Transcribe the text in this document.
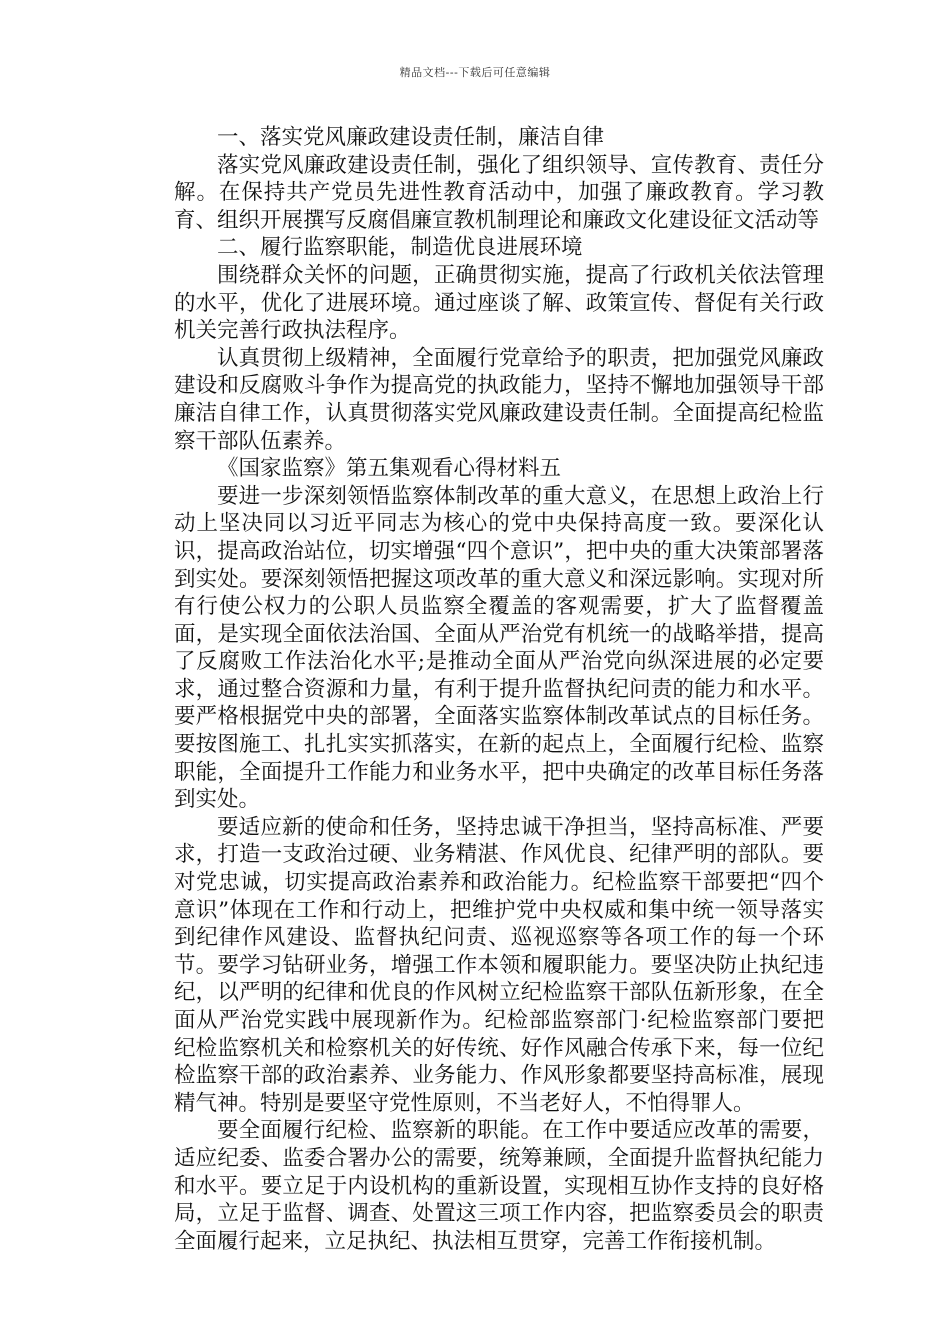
精品文档---下载后可任意编辑

一、落实党风廉政建设责任制，廉洁自律

落实党风廉政建设责任制，强化了组织领导、宣传教育、责任分解。在保持共产党员先进性教育活动中，加强了廉政教育。学习教育、组织开展撰写反腐倡廉宣教机制理论和廉政文化建设征文活动等

二、履行监察职能，制造优良进展环境

围绕群众关怀的问题，正确贯彻实施，提高了行政机关依法管理的水平，优化了进展环境。通过座谈了解、政策宣传、督促有关行政机关完善行政执法程序。

认真贯彻上级精神，全面履行党章给予的职责，把加强党风廉政建设和反腐败斗争作为提高党的执政能力，坚持不懈地加强领导干部廉洁自律工作，认真贯彻落实党风廉政建设责任制。全面提高纪检监察干部队伍素养。

《国家监察》第五集观看心得材料五

要进一步深刻领悟监察体制改革的重大意义，在思想上政治上行动上坚决同以习近平同志为核心的党中央保持高度一致。要深化认识，提高政治站位，切实增强“四个意识”，把中央的重大决策部署落到实处。要深刻领悟把握这项改革的重大意义和深远影响。实现对所有行使公权力的公职人员监察全覆盖的客观需要，扩大了监督覆盖面，是实现全面依法治国、全面从严治党有机统一的战略举措，提高了反腐败工作法治化水平;是推动全面从严治党向纵深进展的必定要求，通过整合资源和力量，有利于提升监督执纪问责的能力和水平。要严格根据党中央的部署，全面落实监察体制改革试点的目标任务。要按图施工、扎扎实实抓落实，在新的起点上，全面履行纪检、监察职能，全面提升工作能力和业务水平，把中央确定的改革目标任务落到实处。

要适应新的使命和任务，坚持忠诚干净担当，坚持高标准、严要求，打造一支政治过硬、业务精湛、作风优良、纪律严明的部队。要对党忠诚，切实提高政治素养和政治能力。纪检监察干部要把“四个意识”体现在工作和行动上，把维护党中央权威和集中统一领导落实到纪律作风建设、监督执纪问责、巡视巡察等各项工作的每一个环节。要学习钻研业务，增强工作本领和履职能力。要坚决防止执纪违纪，以严明的纪律和优良的作风树立纪检监察干部队伍新形象，在全面从严治党实践中展现新作为。纪检部监察部门·纪检监察部门要把纪检监察机关和检察机关的好传统、好作风融合传承下来，每一位纪检监察干部的政治素养、业务能力、作风形象都要坚持高标准，展现精气神。特别是要坚守党性原则，不当老好人，不怕得罪人。

要全面履行纪检、监察新的职能。在工作中要适应改革的需要，适应纪委、监委合署办公的需要，统筹兼顾，全面提升监督执纪能力和水平。要立足于内设机构的重新设置，实现相互协作支持的良好格局，立足于监督、调查、处置这三项工作内容，把监察委员会的职责全面履行起来，立足执纪、执法相互贯穿，完善工作衔接机制。
